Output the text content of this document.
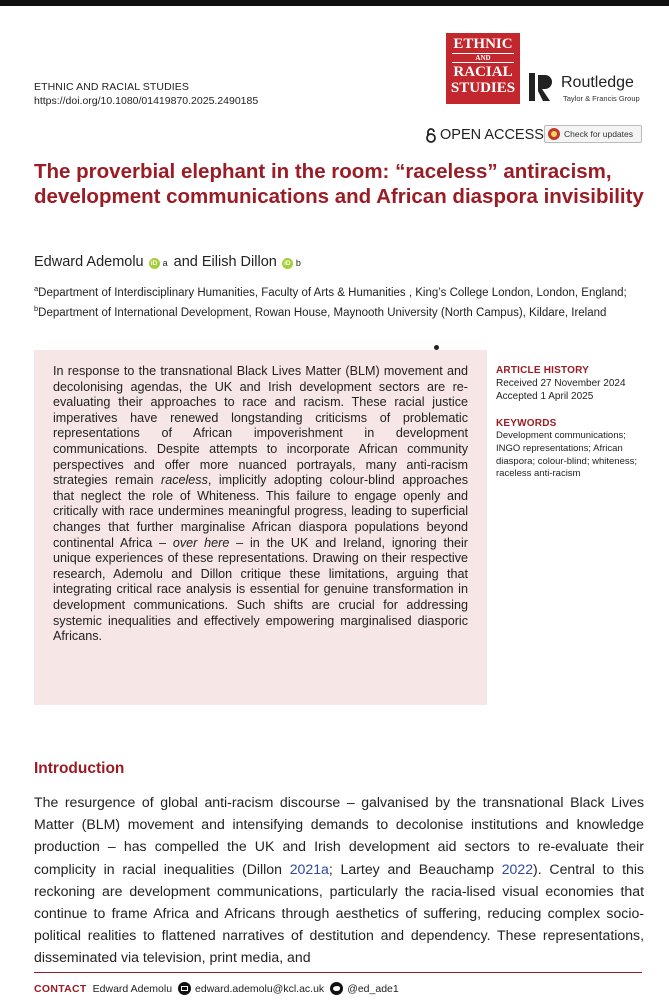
ETHNIC AND RACIAL STUDIES
https://doi.org/10.1080/01419870.2025.2490185
ETHNIC
AND
RACIAL
STUDIES	Routledge
Taylor & Francis Group
OPEN ACCESS Check for updates
The proverbial elephant in the room: “raceless” antiracism, development communications and African diaspora invisibility
Edward Ademolu	iD a and
Eilish Dillon	iD b
$^a$Department of Interdisciplinary Humanities, Faculty of Arts & Humanities , King’s College London, London, England; $^b$Department of International Development, Rowan House, Maynooth University (North Campus), Kildare, Ireland
In response to the transnational Black Lives Matter (BLM) movement and decolonising agendas, the UK and Irish development sectors are re-evaluating their approaches to race and racism. These racial justice imperatives have renewed longstanding criticisms of problematic representations of African impoverishment in development communications. Despite attempts to incorporate African community perspectives and offer more nuanced portrayals, many anti-racism strategies remain raceless, implicitly adopting colour-blind approaches that neglect the role of Whiteness. This failure to engage openly and critically with race undermines meaningful progress, leading to superficial changes that further marginalise African diaspora populations beyond continental Africa – over here – in the UK and Ireland, ignoring their unique experiences of these representations. Drawing on their respective research, Ademolu and Dillon critique these limitations, arguing that integrating critical race analysis is essential for genuine transformation in development communications. Such shifts are crucial for addressing systemic inequalities and effectively empowering marginalised diasporic Africans.
ARTICLE HISTORY

Received 27 November 2024

Accepted 1 April 2025

KEYWORDS

Development communications; INGO representations; African diaspora; colour-blind; whiteness; raceless anti-racism

Introduction
The resurgence of global anti-racism discourse – galvanised by the transnational Black Lives Matter (BLM) movement and intensifying demands to decolonise institutions and knowledge production – has compelled the UK and Irish development aid sectors to re-evaluate their complicity in racial inequalities (Dillon 2021a; Lartey and Beauchamp 2022). Central to this reckoning are development communications, particularly the racia-lised visual economies that continue to frame Africa and Africans through aesthetics of suffering, reducing complex socio-political realities to flattened narratives of destitution and dependency. These representations, disseminated via television, print media, and
CONTACT Edward Ademolu edward.ademolu@kcl.ac.uk @ed_ade1
